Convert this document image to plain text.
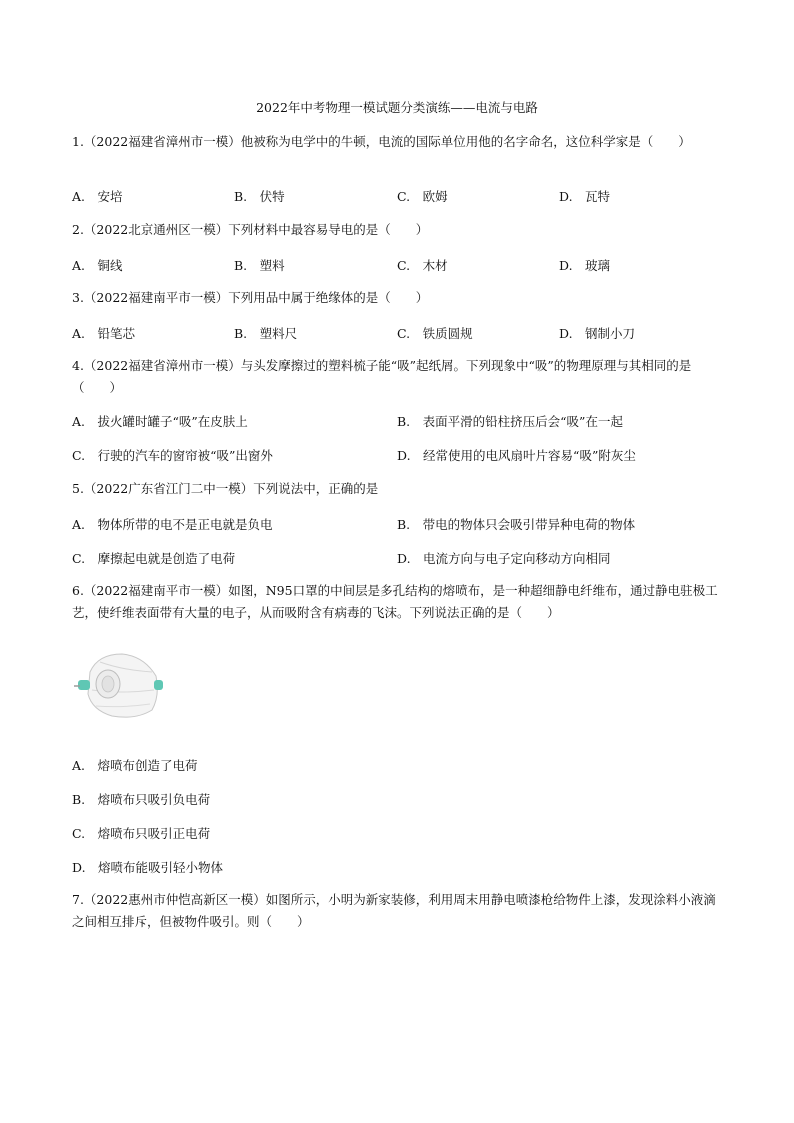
2022年中考物理一模试题分类演练——电流与电路
1.（2022福建省漳州市一模）他被称为电学中的牛顿，电流的国际单位用他的名字命名，这位科学家是（　　）
A.　安培	B.　伏特	C.　欧姆	D.　瓦特
2.（2022北京通州区一模）下列材料中最容易导电的是（　　）
A.　铜线	B.　塑料	C.　木材	D.　玻璃
3.（2022福建南平市一模）下列用品中属于绝缘体的是（　　）
A.　铅笔芯	B.　塑料尺	C.　铁质圆规	D.　钢制小刀
4.（2022福建省漳州市一模）与头发摩擦过的塑料梳子能“吸”起纸屑。下列现象中“吸”的物理原理与其相同的是（　　）
A.　拔火罐时罐子“吸”在皮肤上	B.　表面平滑的铅柱挤压后会“吸”在一起
C.　行驶的汽车的窗帘被“吸”出窗外	D.　经常使用的电风扇叶片容易“吸”附灰尘
5.（2022广东省江门二中一模）下列说法中，正确的是
A.　物体所带的电不是正电就是负电	B.　带电的物体只会吸引带异种电荷的物体
C.　摩擦起电就是创造了电荷	D.　电流方向与电子定向移动方向相同
6.（2022福建南平市一模）如图，N95口罩的中间层是多孔结构的熔喷布，是一种超细静电纤维布，通过静电驻极工艺，使纤维表面带有大量的电子，从而吸附含有病毒的飞沫。下列说法正确的是（　　）
A.　熔喷布创造了电荷
B.　熔喷布只吸引负电荷
C.　熔喷布只吸引正电荷
D.　熔喷布能吸引轻小物体
7.（2022惠州市仲恺高新区一模）如图所示，小明为新家装修，利用周末用静电喷漆枪给物件上漆，发现涂料小液滴之间相互排斥，但被物件吸引。则（　　）
